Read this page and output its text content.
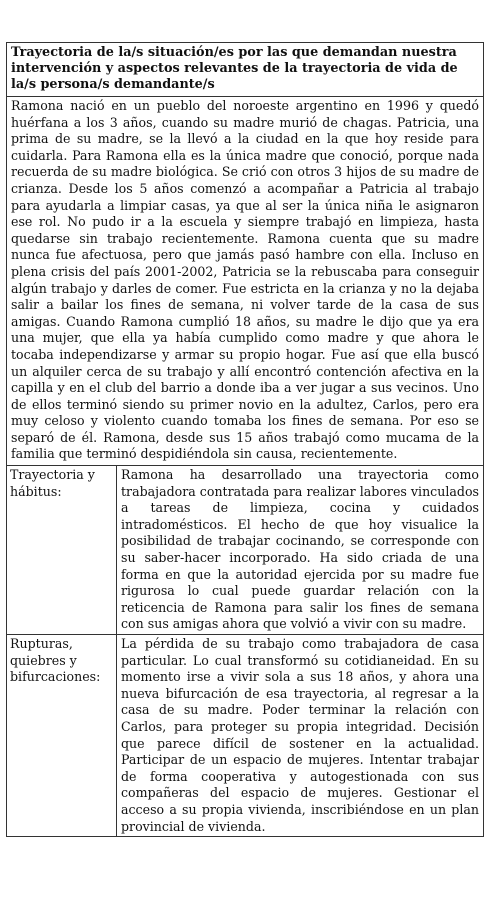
Trayectoria de la/s situación/es por las que demandan nuestra intervención y aspectos relevantes de la trayectoria de vida de la/s persona/s demandante/s
Ramona nació en un pueblo del noroeste argentino en 1996 y quedó huérfana a los 3 años, cuando su madre murió de chagas. Patricia, una prima de su madre, se la llevó a la ciudad en la que hoy reside para cuidarla. Para Ramona ella es la única madre que conoció, porque nada recuerda de su madre biológica. Se crió con otros 3 hijos de su madre de crianza. Desde los 5 años comenzó a acompañar a Patricia al trabajo para ayudarla a limpiar casas, ya que al ser la única niña le asignaron ese rol. No pudo ir a la escuela y siempre trabajó en limpieza, hasta quedarse sin trabajo recientemente. Ramona cuenta que su madre nunca fue afectuosa, pero que jamás pasó hambre con ella. Incluso en plena crisis del país 2001-2002, Patricia se la rebuscaba para conseguir algún trabajo y darles de comer. Fue estricta en la crianza y no la dejaba salir a bailar los fines de semana, ni volver tarde de la casa de sus amigas. Cuando Ramona cumplió 18 años, su madre le dijo que ya era una mujer, que ella ya había cumplido como madre y que ahora le tocaba independizarse y armar su propio hogar. Fue así que ella buscó un alquiler cerca de su trabajo y allí encontró contención afectiva en la capilla y en el club del barrio a donde iba a ver jugar a sus vecinos. Uno de ellos terminó siendo su primer novio en la adultez, Carlos, pero era muy celoso y violento cuando tomaba los fines de semana. Por eso se separó de él. Ramona, desde sus 15 años trabajó como mucama de la familia que terminó despidiéndola sin causa, recientemente.
Trayectoria y hábitus:
Ramona ha desarrollado una trayectoria como trabajadora contratada para realizar labores vinculados a tareas de limpieza, cocina y cuidados intradomésticos. El hecho de que hoy visualice la posibilidad de trabajar cocinando, se corresponde con su saber-hacer incorporado. Ha sido criada de una forma en que la autoridad ejercida por su madre fue rigurosa lo cual puede guardar relación con la reticencia de Ramona para salir los fines de semana con sus amigas ahora que volvió a vivir con su madre.
Rupturas, quiebres y bifurcaciones:
La pérdida de su trabajo como trabajadora de casa particular. Lo cual transformó su cotidianeidad. En su momento irse a vivir sola a sus 18 años, y ahora una nueva bifurcación de esa trayectoria, al regresar a la casa de su madre. Poder terminar la relación con Carlos, para proteger su propia integridad. Decisión que parece difícil de sostener en la actualidad. Participar de un espacio de mujeres. Intentar trabajar de forma cooperativa y autogestionada con sus compañeras del espacio de mujeres. Gestionar el acceso a su propia vivienda, inscribiéndose en un plan provincial de vivienda.
